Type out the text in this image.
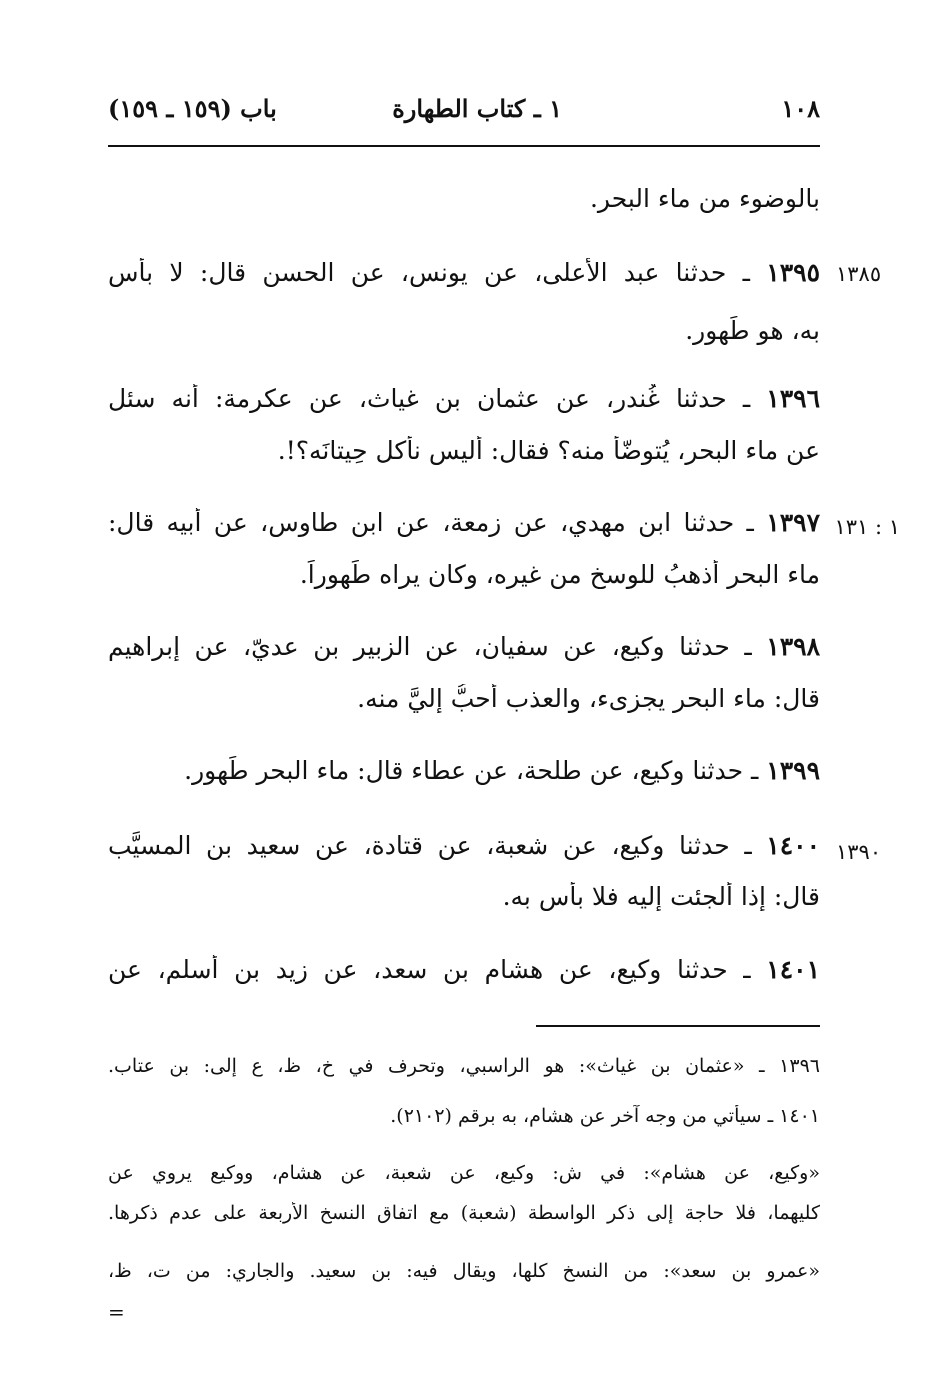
١٠٨
١ ـ كتاب الطهارة
باب (١٥٩ ـ ١٥٩)
بالوضوء من ماء البحر.
١٣٨٥
١٣٩٥ ـ حدثنا عبد الأعلى، عن يونس، عن الحسن قال: لا بأس
به، هو طَهور.
١٣٩٦ ـ حدثنا غُندر، عن عثمان بن غياث، عن عكرمة: أنه سئل
عن ماء البحر، يُتوضّأُ منه؟ فقال: أليس نأكل حِيتانَه؟!.
١ : ١٣١
١٣٩٧ ـ حدثنا ابن مهدي، عن زمعة، عن ابن طاوس، عن أبيه قال:
ماء البحر أذهبُ للوسخ من غيره، وكان يراه طَهوراً.
١٣٩٨ ـ حدثنا وكيع، عن سفيان، عن الزبير بن عديّ، عن إبراهيم
قال: ماء البحر يجزىء، والعذب أحبُّ إليَّ منه.
١٣٩٩ ـ حدثنا وكيع، عن طلحة، عن عطاء قال: ماء البحر طَهور.
١٣٩٠
١٤٠٠ ـ حدثنا وكيع، عن شعبة، عن قتادة، عن سعيد بن المسيَّب
قال: إذا أُلجئت إليه فلا بأس به.
١٤٠١ ـ حدثنا وكيع، عن هشام بن سعد، عن زيد بن أسلم، عن
١٣٩٦ ـ «عثمان بن غياث»: هو الراسبي، وتحرف في خ، ظ، ع إلى: بن عتاب.
١٤٠١ ـ سيأتي من وجه آخر عن هشام، به برقم (٢١٠٢).
«وكيع، عن هشام»: في ش: وكيع، عن شعبة، عن هشام، ووكيع يروي عن
كليهما، فلا حاجة إلى ذكر الواسطة (شعبة) مع اتفاق النسخ الأربعة على عدم ذكرها.
«عمرو بن سعد»: من النسخ كلها، ويقال فيه: بن سعيد. والجاري: من ت، ظ،
=
